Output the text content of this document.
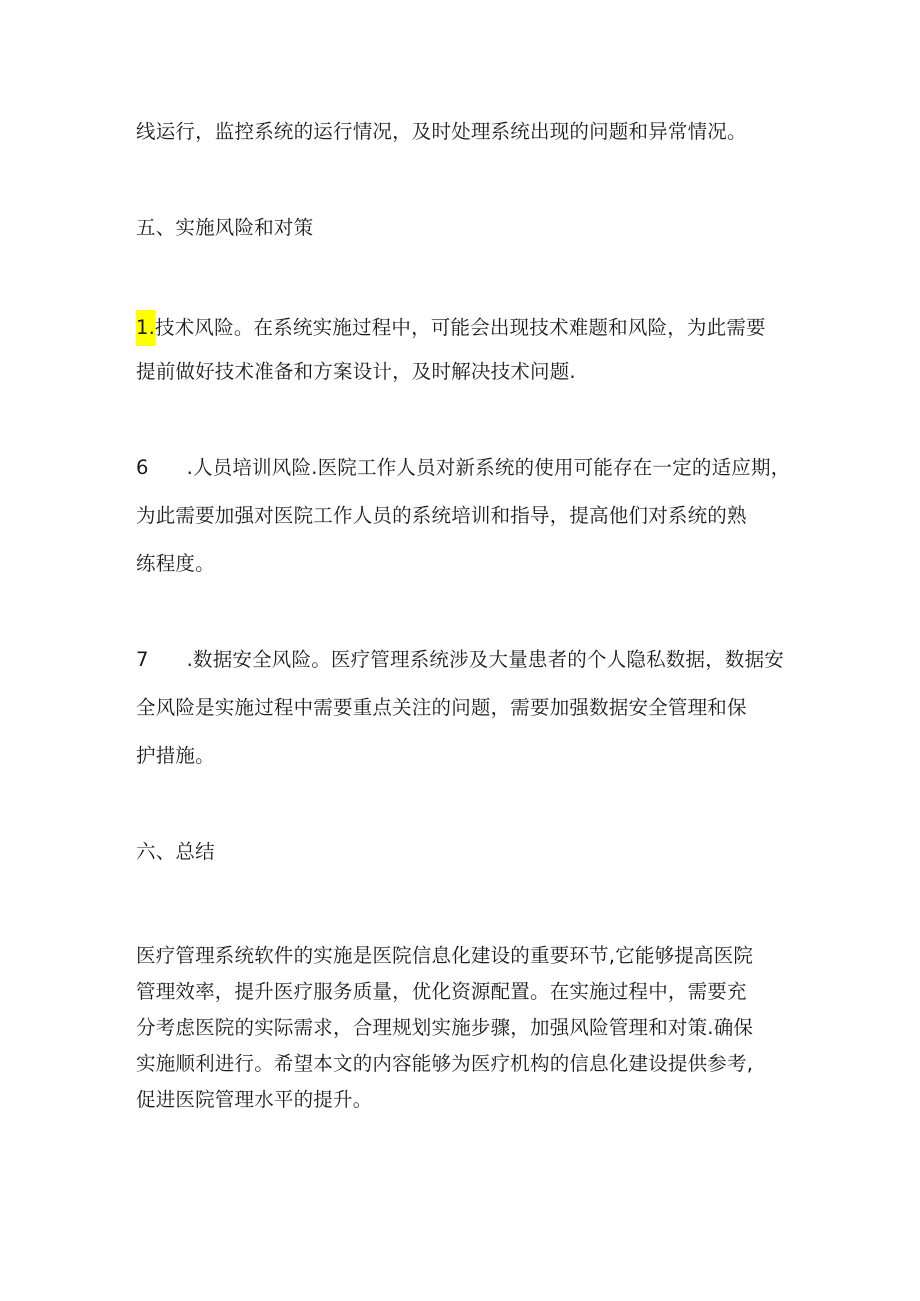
线运行，监控系统的运行情况，及时处理系统出现的问题和异常情况。
五、实施风险和对策
1.技术风险。在系统实施过程中，可能会出现技术难题和风险，为此需要
提前做好技术准备和方案设计，及时解决技术问题.
6 .人员培训风险.医院工作人员对新系统的使用可能存在一定的适应期，
为此需要加强对医院工作人员的系统培训和指导，提高他们对系统的熟
练程度。
7 .数据安全风险。医疗管理系统涉及大量患者的个人隐私数据，数据安
全风险是实施过程中需要重点关注的问题，需要加强数据安全管理和保
护措施。
六、总结
医疗管理系统软件的实施是医院信息化建设的重要环节,它能够提高医院
管理效率，提升医疗服务质量，优化资源配置。在实施过程中，需要充
分考虑医院的实际需求，合理规划实施步骤，加强风险管理和对策.确保
实施顺利进行。希望本文的内容能够为医疗机构的信息化建设提供参考,
促进医院管理水平的提升。
